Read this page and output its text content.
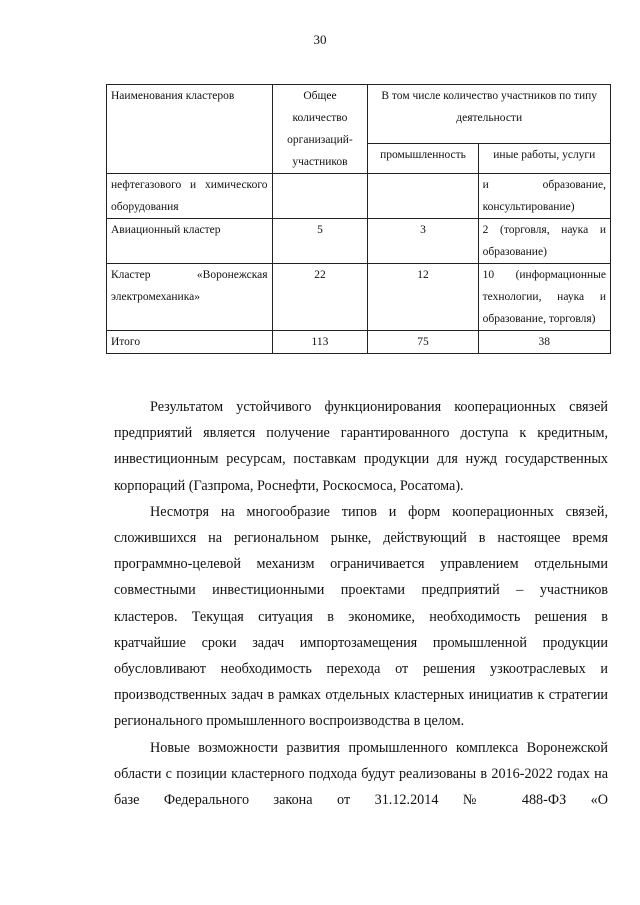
30
Наименования кластеров	Общее количество организаций-участников	В том числе количество участников по типу деятельности	
		промышленность	иные работы, услуги
нефтегазового и химического оборудования			и образование, консультирование)
Авиационный кластер	5	3	2 (торговля, наука и образование)
Кластер «Воронежская электромеханика»	22	12	10 (информационные технологии, наука и образование, торговля)
Итого	113	75	38

Результатом устойчивого функционирования кооперационных связей предприятий является получение гарантированного доступа к кредитным, инвестиционным ресурсам, поставкам продукции для нужд государственных корпораций (Газпрома, Роснефти, Роскосмоса, Росатома).

Несмотря на многообразие типов и форм кооперационных связей, сложившихся на региональном рынке, действующий в настоящее время программно-целевой механизм ограничивается управлением отдельными совместными инвестиционными проектами предприятий – участников кластеров. Текущая ситуация в экономике, необходимость решения в кратчайшие сроки задач импортозамещения промышленной продукции обусловливают необходимость перехода от решения узкоотраслевых и производственных задач в рамках отдельных кластерных инициатив к стратегии регионального промышленного воспроизводства в целом.

Новые возможности развития промышленного комплекса Воронежской области с позиции кластерного подхода будут реализованы в 2016-2022 годах на базе Федерального закона от 31.12.2014 № 488-ФЗ «О
